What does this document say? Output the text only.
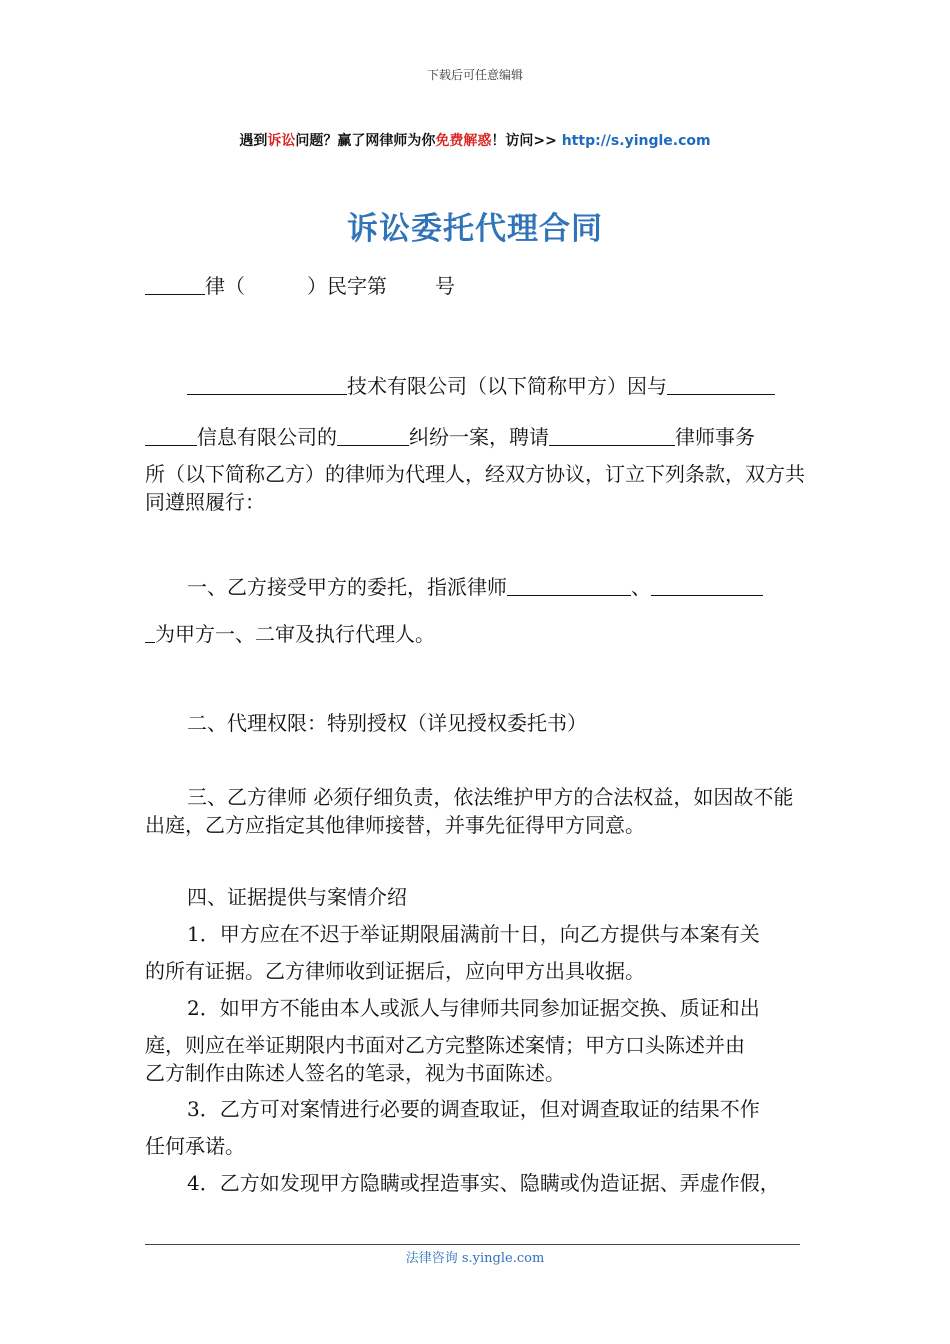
下载后可任意编辑
遇到诉讼问题？赢了网律师为你免费解惑！访问>> http://s.yingle.com
诉讼委托代理合同
律（	）民字第 号
技术有限公司（以下简称甲方）因与
信息有限公司的	纠纷一案，聘请	律师事务
所（以下简称乙方）的律师为代理人，经双方协议，订立下列条款，双方共同遵照履行：
一、乙方接受甲方的委托，指派律师	、
为甲方一、二审及执行代理人。
二、代理权限：特别授权（详见授权委托书）
三、乙方律师 必须仔细负责，依法维护甲方的合法权益，如因故不能出庭，乙方应指定其他律师接替，并事先征得甲方同意。
四、证据提供与案情介绍
1．甲方应在不迟于举证期限届满前十日，向乙方提供与本案有关
的所有证据。乙方律师收到证据后，应向甲方出具收据。
2．如甲方不能由本人或派人与律师共同参加证据交换、质证和出
庭，则应在举证期限内书面对乙方完整陈述案情；甲方口头陈述并由
乙方制作由陈述人签名的笔录，视为书面陈述。
3．乙方可对案情进行必要的调查取证，但对调查取证的结果不作
任何承诺。
4．乙方如发现甲方隐瞒或捏造事实、隐瞒或伪造证据、弄虚作假，
法律咨询 s.yingle.com
